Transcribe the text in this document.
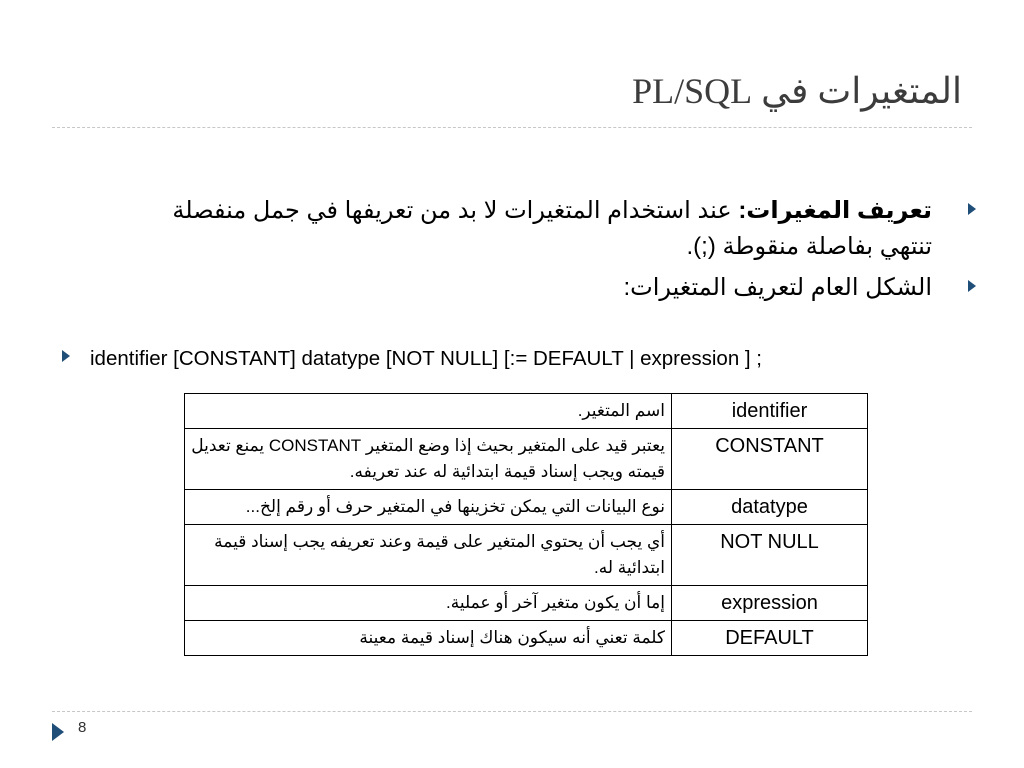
المتغيرات في PL/SQL
تعريف المغيرات: عند استخدام المتغيرات لا بد من تعريفها في جمل منفصلة تنتهي بفاصلة منقوطة (;).
الشكل العام لتعريف المتغيرات:
identifier [CONSTANT] datatype [NOT NULL] [:= DEFAULT | expression ] ;
اسم المتغير.	identifier
يعتبر قيد على المتغير بحيث إذا وضع المتغير CONSTANT يمنع تعديل قيمته ويجب إسناد قيمة ابتدائية له عند تعريفه.	CONSTANT
نوع البيانات التي يمكن تخزينها في المتغير حرف أو رقم إلخ...	datatype
أي يجب أن يحتوي المتغير على قيمة وعند تعريفه يجب إسناد قيمة ابتدائية له.	NOT NULL
إما أن يكون متغير آخر أو عملية.	expression
كلمة تعني أنه سيكون هناك إسناد قيمة معينة	DEFAULT
8
